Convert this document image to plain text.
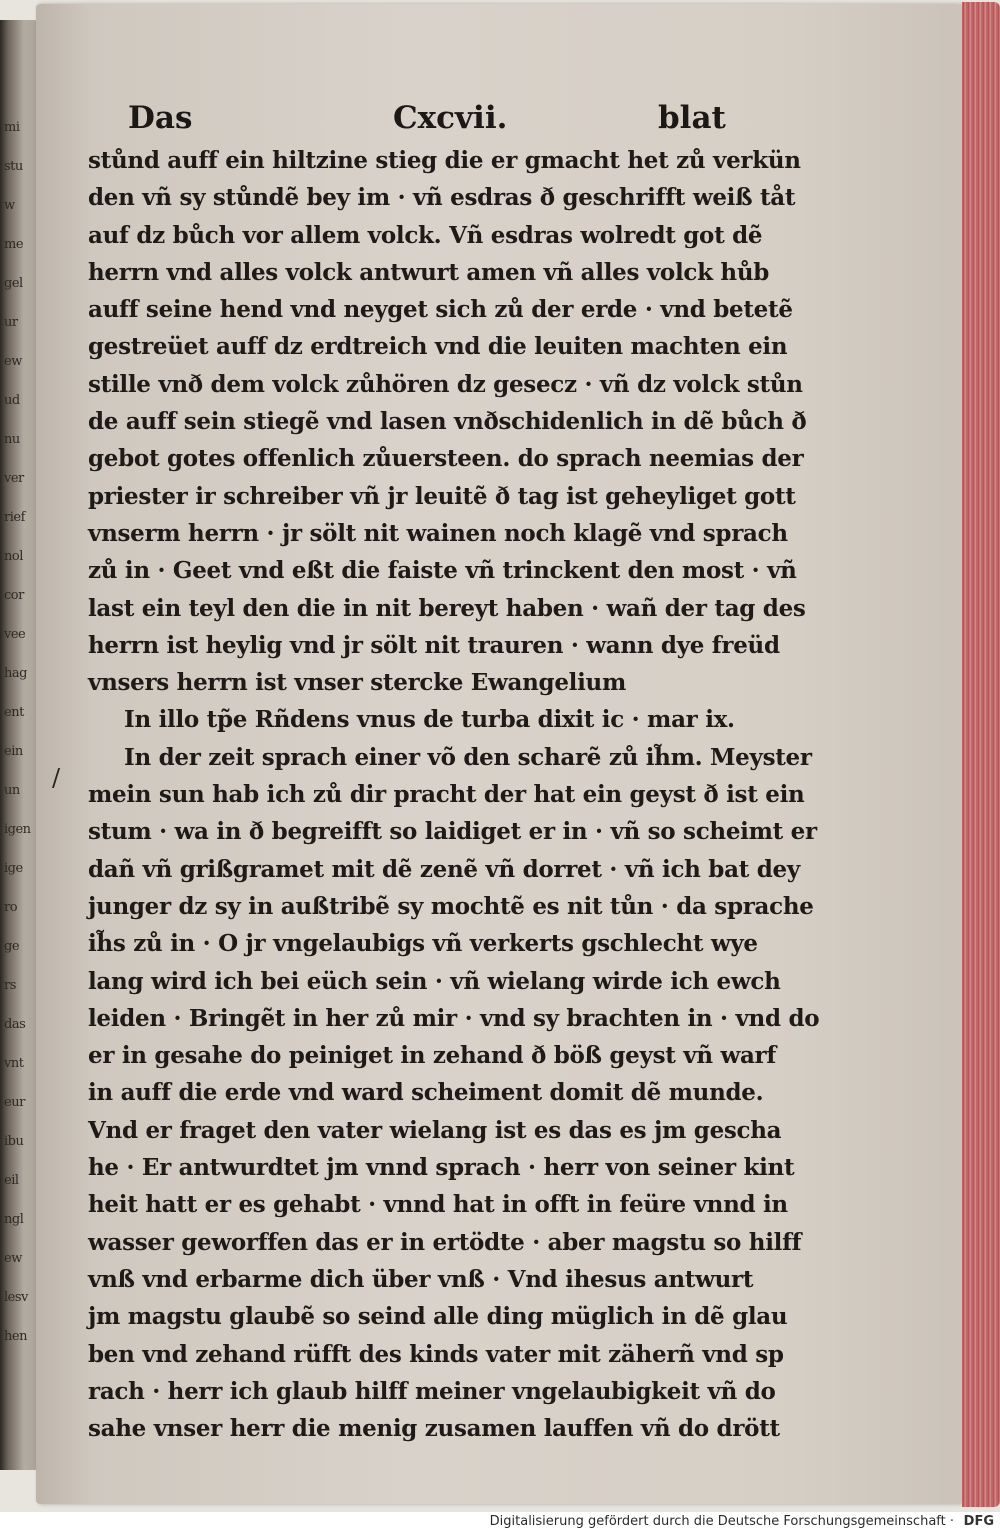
mi
stu
w
me
gel
ur
ew
ud
nu
ver
rief
nol
cor
vee
hag
ent
ein
un
igen
ige
ro
ge
rs
das
vnt
eur
ibu
eil
ngl
ew
lesv
hen
Das	Cxcvii.	blat
stůnd auff ein hiltzine stieg die er gmacht het zů verkün
den vñ sy stůndẽ bey im · vñ esdras ð geschrifft weiß tåt
auf dz bůch vor allem volck. Vñ esdras wolredt got dẽ
herrn vnd alles volck antwurt amen vñ alles volck hůb
auff seine hend vnd neyget sich zů der erde · vnd betetẽ
gestreüet auff dz erdtreich vnd die leuiten machten ein
stille vnð dem volck zůhören dz gesecz · vñ dz volck stůn
de auff sein stiegẽ vnd lasen vnðschidenlich in dẽ bůch ð
gebot gotes offenlich zůuersteen. do sprach neemias der
priester ir schreiber vñ jr leuitẽ ð tag ist geheyliget gott
vnserm herrn · jr sölt nit wainen noch klagẽ vnd sprach
zů in · Geet vnd eßt die faiste vñ trinckent den most · vñ
last ein teyl den die in nit bereyt haben · wañ der tag des
herrn ist heylig vnd jr sölt nit trauren · wann dye freüd
vnsers herrn ist vnser stercke Ewangelium
In illo tp̃e Rñdens vnus de turba dixit ic · mar ix.
In der zeit sprach einer võ den scharẽ zů ih̃m. Meyster
mein sun hab ich zů dir pracht der hat ein geyst ð ist ein
stum · wa in ð begreifft so laidiget er in · vñ so scheimt er
dañ vñ grißgramet mit dẽ zenẽ vñ dorret · vñ ich bat dey
junger dz sy in außtribẽ sy mochtẽ es nit tůn · da sprache
ih̃s zů in · O jr vngelaubigs vñ verkerts gschlecht wye
lang wird ich bei eüch sein · vñ wielang wirde ich ewch
leiden · Bringẽt in her zů mir · vnd sy brachten in · vnd do
er in gesahe do peiniget in zehand ð böß geyst vñ warf
in auff die erde vnd ward scheiment domit dẽ munde.
Vnd er fraget den vater wielang ist es das es jm gescha
he · Er antwurdtet jm vnnd sprach · herr von seiner kint
heit hatt er es gehabt · vnnd hat in offt in feüre vnnd in
wasser geworffen das er in ertödte · aber magstu so hilff
vnß vnd erbarme dich über vnß · Vnd ihesus antwurt
jm magstu glaubẽ so seind alle ding müglich in dẽ glau
ben vnd zehand rüfft des kinds vater mit zäherñ vnd sp
rach · herr ich glaub hilff meiner vngelaubigkeit vñ do
sahe vnser herr die menig zusamen lauffen vñ do drött
/
Digitalisierung gefördert durch die Deutsche Forschungsgemeinschaft · DFG
